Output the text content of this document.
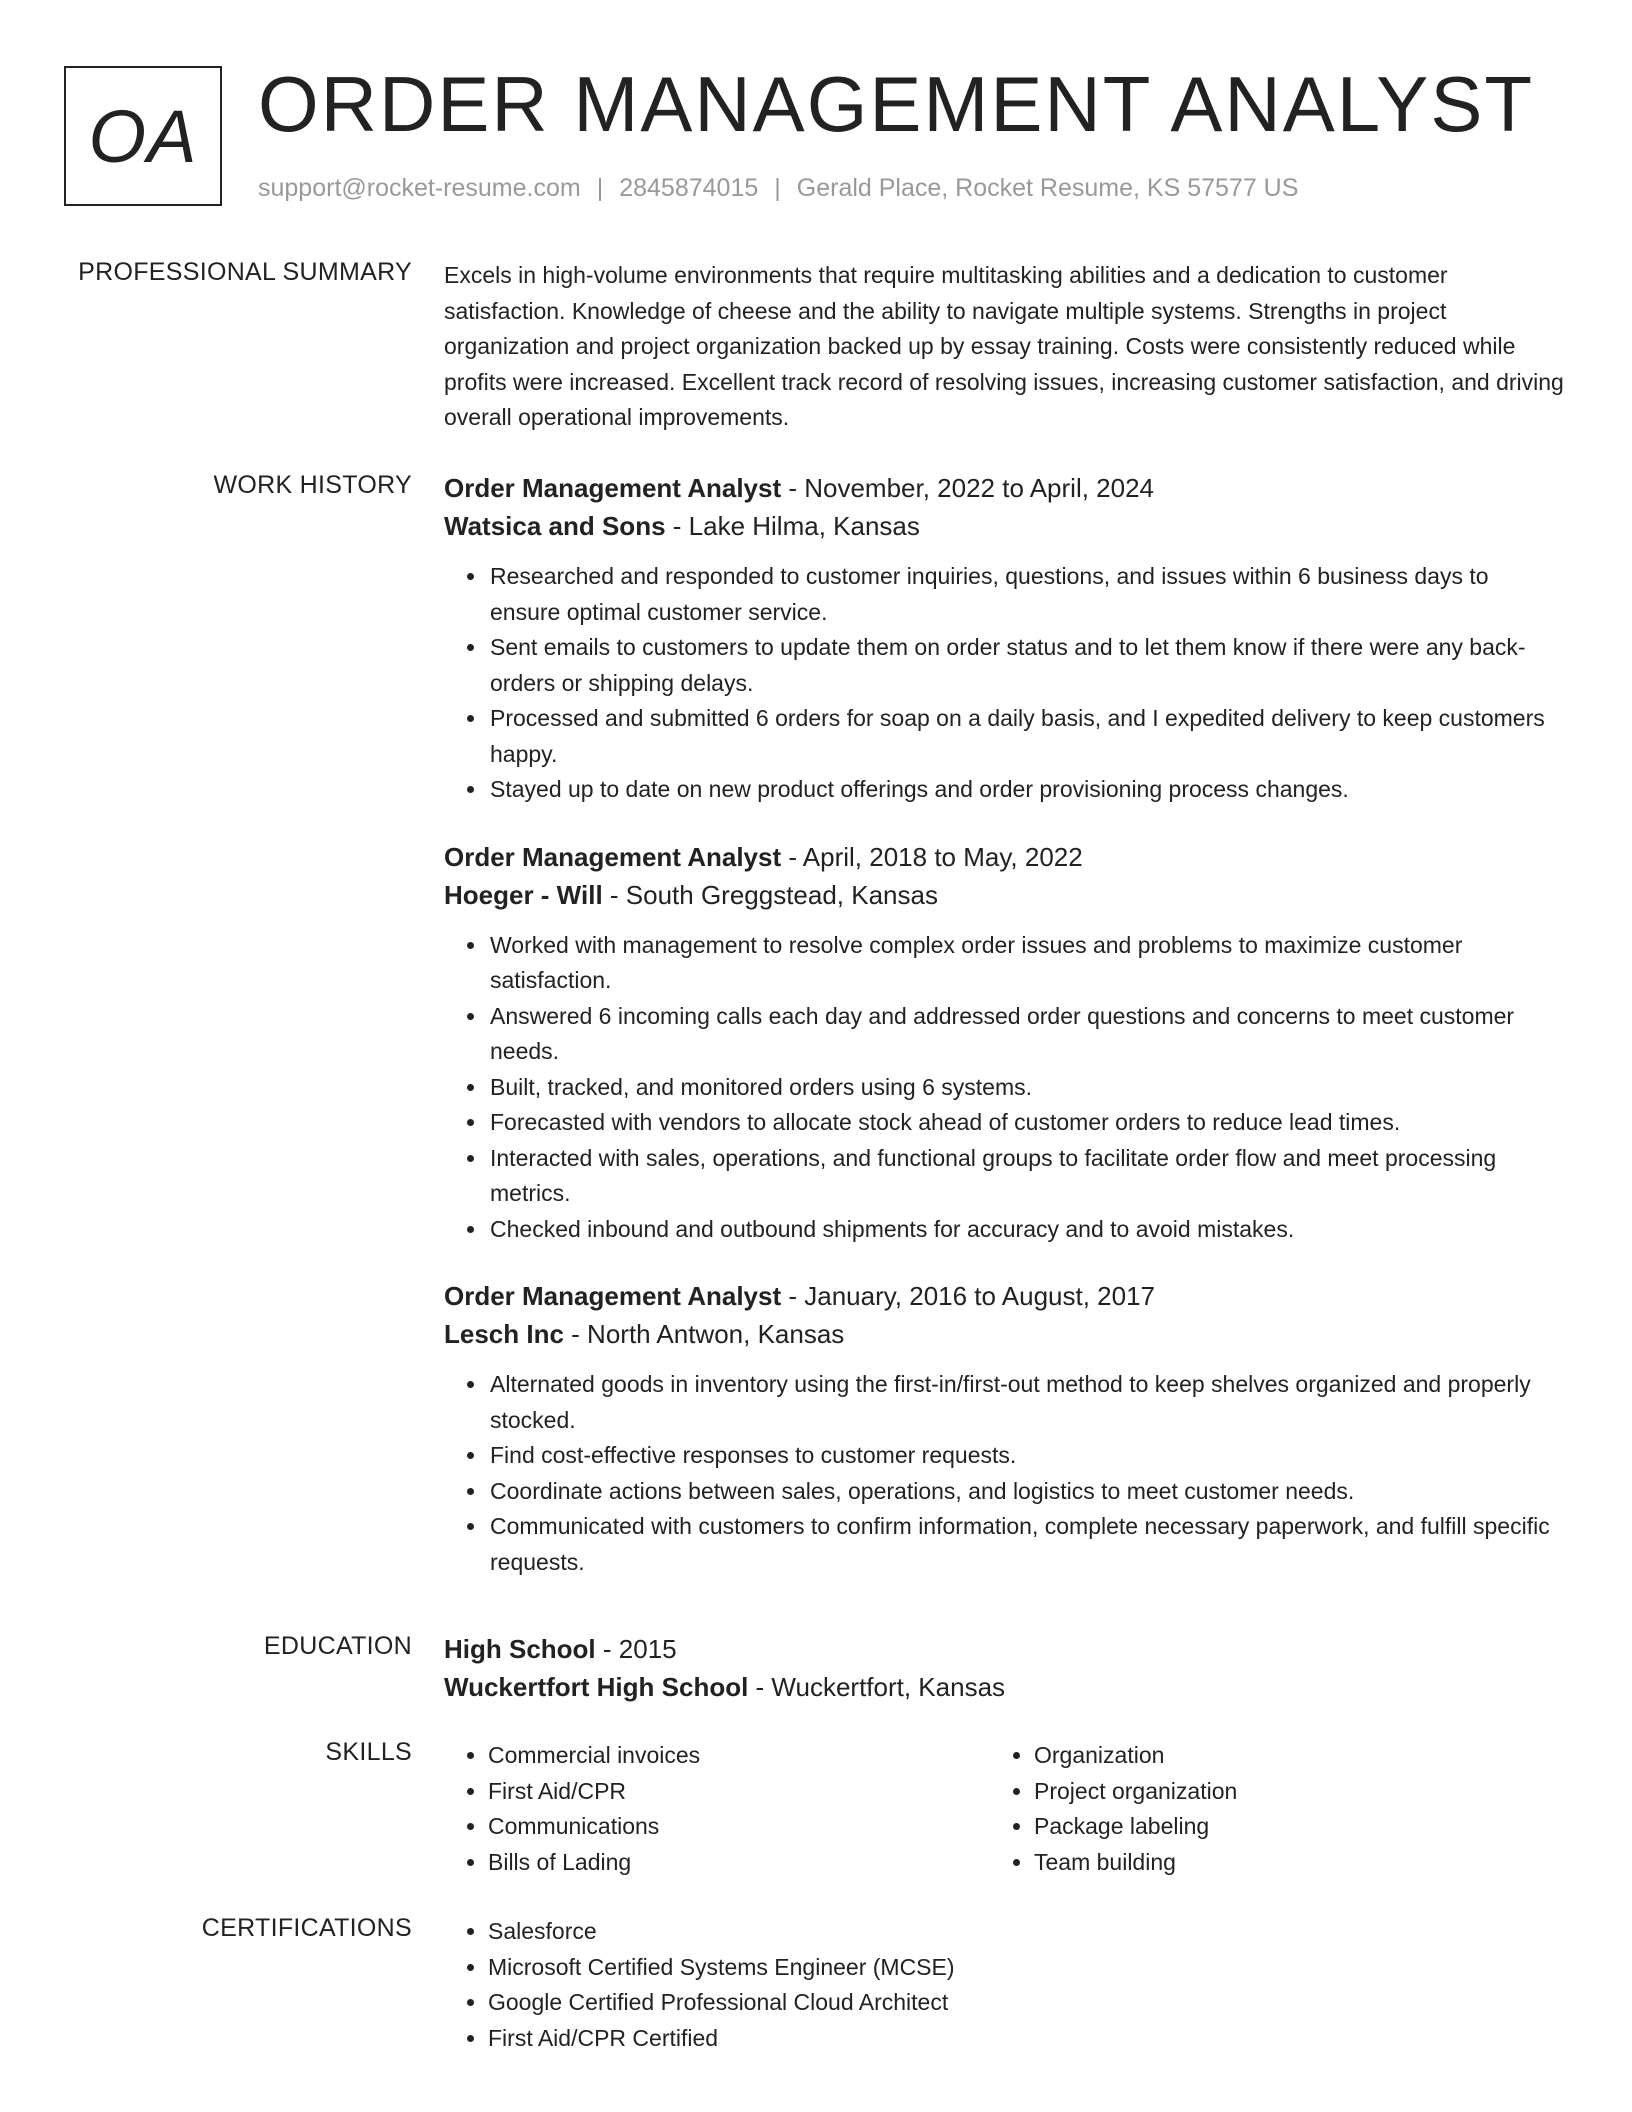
OA ORDER MANAGEMENT ANALYST
support@rocket-resume.com | 2845874015 | Gerald Place, Rocket Resume, KS 57577 US
PROFESSIONAL SUMMARY Excels in high-volume environments that require multitasking abilities and a dedication to customer satisfaction. Knowledge of cheese and the ability to navigate multiple systems. Strengths in project organization and project organization backed up by essay training. Costs were consistently reduced while profits were increased. Excellent track record of resolving issues, increasing customer satisfaction, and driving overall operational improvements.

WORK HISTORY Order Management Analyst - November, 2022 to April, 2024
Watsica and Sons - Lake Hilma, Kansas
• Researched and responded to customer inquiries, questions, and issues within 6 business days to ensure optimal customer service.
• Sent emails to customers to update them on order status and to let them know if there were any back-orders or shipping delays.
• Processed and submitted 6 orders for soap on a daily basis, and I expedited delivery to keep customers happy.
• Stayed up to date on new product offerings and order provisioning process changes.
Order Management Analyst - April, 2018 to May, 2022
Hoeger - Will - South Greggstead, Kansas
• Worked with management to resolve complex order issues and problems to maximize customer satisfaction.
• Answered 6 incoming calls each day and addressed order questions and concerns to meet customer needs.
• Built, tracked, and monitored orders using 6 systems.
• Forecasted with vendors to allocate stock ahead of customer orders to reduce lead times.
• Interacted with sales, operations, and functional groups to facilitate order flow and meet processing metrics.
• Checked inbound and outbound shipments for accuracy and to avoid mistakes.
Order Management Analyst - January, 2016 to August, 2017
Lesch Inc - North Antwon, Kansas
• Alternated goods in inventory using the first-in/first-out method to keep shelves organized and properly stocked.
• Find cost-effective responses to customer requests.
• Coordinate actions between sales, operations, and logistics to meet customer needs.
• Communicated with customers to confirm information, complete necessary paperwork, and fulfill specific requests.
EDUCATION High School - 2015
Wuckertfort High School - Wuckertfort, Kansas
SKILLS	• Commercial invoices
• First Aid/CPR
• Communications
• Bills of Lading
• Organization
• Project organization
• Package labeling
• Team building
CERTIFICATIONS	• Salesforce
• Microsoft Certified Systems Engineer (MCSE)
• Google Certified Professional Cloud Architect
• First Aid/CPR Certified
